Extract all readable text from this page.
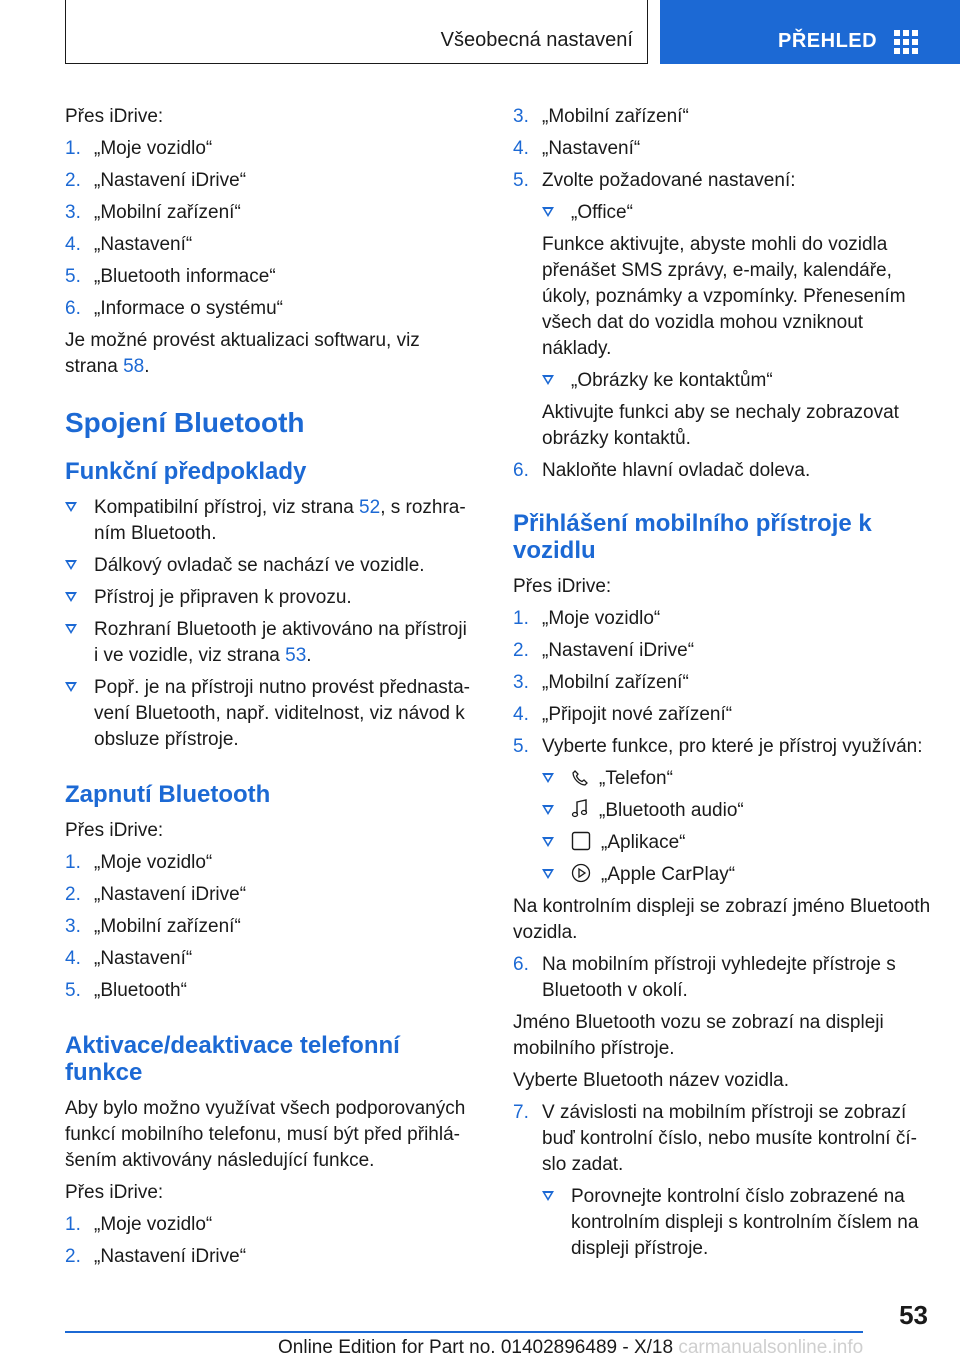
Všeobecná nastavení	PŘEHLED

Přes iDrive:

1. „Moje vozidlo“
2. „Nastavení iDrive“
3. „Mobilní zařízení“
4. „Nastavení“
5. „Bluetooth informace“
6. „Informace o systému“

Je možné provést aktualizaci softwaru, viz strana 58.

Spojení Bluetooth
Funkční předpoklady
Kompatibilní přístroj, viz strana 52, s rozhraním Bluetooth.
Dálkový ovladač se nachází ve vozidle.
Přístroj je připraven k provozu.
Rozhraní Bluetooth je aktivováno na přístroji i ve vozidle, viz strana 53.
Popř. je na přístroji nutno provést přednastavení Bluetooth, např. viditelnost, viz návod k obsluze přístroje.
Zapnutí Bluetooth

Přes iDrive:

1. „Moje vozidlo“
2. „Nastavení iDrive“
3. „Mobilní zařízení“
4. „Nastavení“
5. „Bluetooth“
Aktivace/deaktivace telefonní funkce

Aby bylo možno využívat všech podporovaných funkcí mobilního telefonu, musí být před přihlášením aktivovány následující funkce.

Přes iDrive:

1. „Moje vozidlo“
2. „Nastavení iDrive“
3. „Mobilní zařízení“
4. „Nastavení“
5. Zvolte požadované nastavení:
„Office“

Funkce aktivujte, abyste mohli do vozidla přenášet SMS zprávy, e-maily, kalendáře, úkoly, poznámky a vzpomínky. Přenesením všech dat do vozidla mohou vzniknout náklady.

„Obrázky ke kontaktům“

Aktivujte funkci aby se nechaly zobrazovat obrázky kontaktů.

6. Nakloňte hlavní ovladač doleva.
Přihlášení mobilního přístroje k vozidlu

Přes iDrive:

1. „Moje vozidlo“
2. „Nastavení iDrive“
3. „Mobilní zařízení“
4. „Připojit nové zařízení“
5. Vyberte funkce, pro které je přístroj využíván:
„Telefon“
„Bluetooth audio“
„Aplikace“
„Apple CarPlay“

Na kontrolním displeji se zobrazí jméno Bluetooth vozidla.

6. Na mobilním přístroji vyhledejte přístroje s Bluetooth v okolí.

Jméno Bluetooth vozu se zobrazí na displeji mobilního přístroje.

Vyberte Bluetooth název vozidla.

7. V závislosti na mobilním přístroji se zobrazí buď kontrolní číslo, nebo musíte kontrolní číslo zadat.
Porovnejte kontrolní číslo zobrazené na kontrolním displeji s kontrolním číslem na displeji přístroje.
53
Online Edition for Part no. 01402896489 - X/18 carmanualsonline.info
